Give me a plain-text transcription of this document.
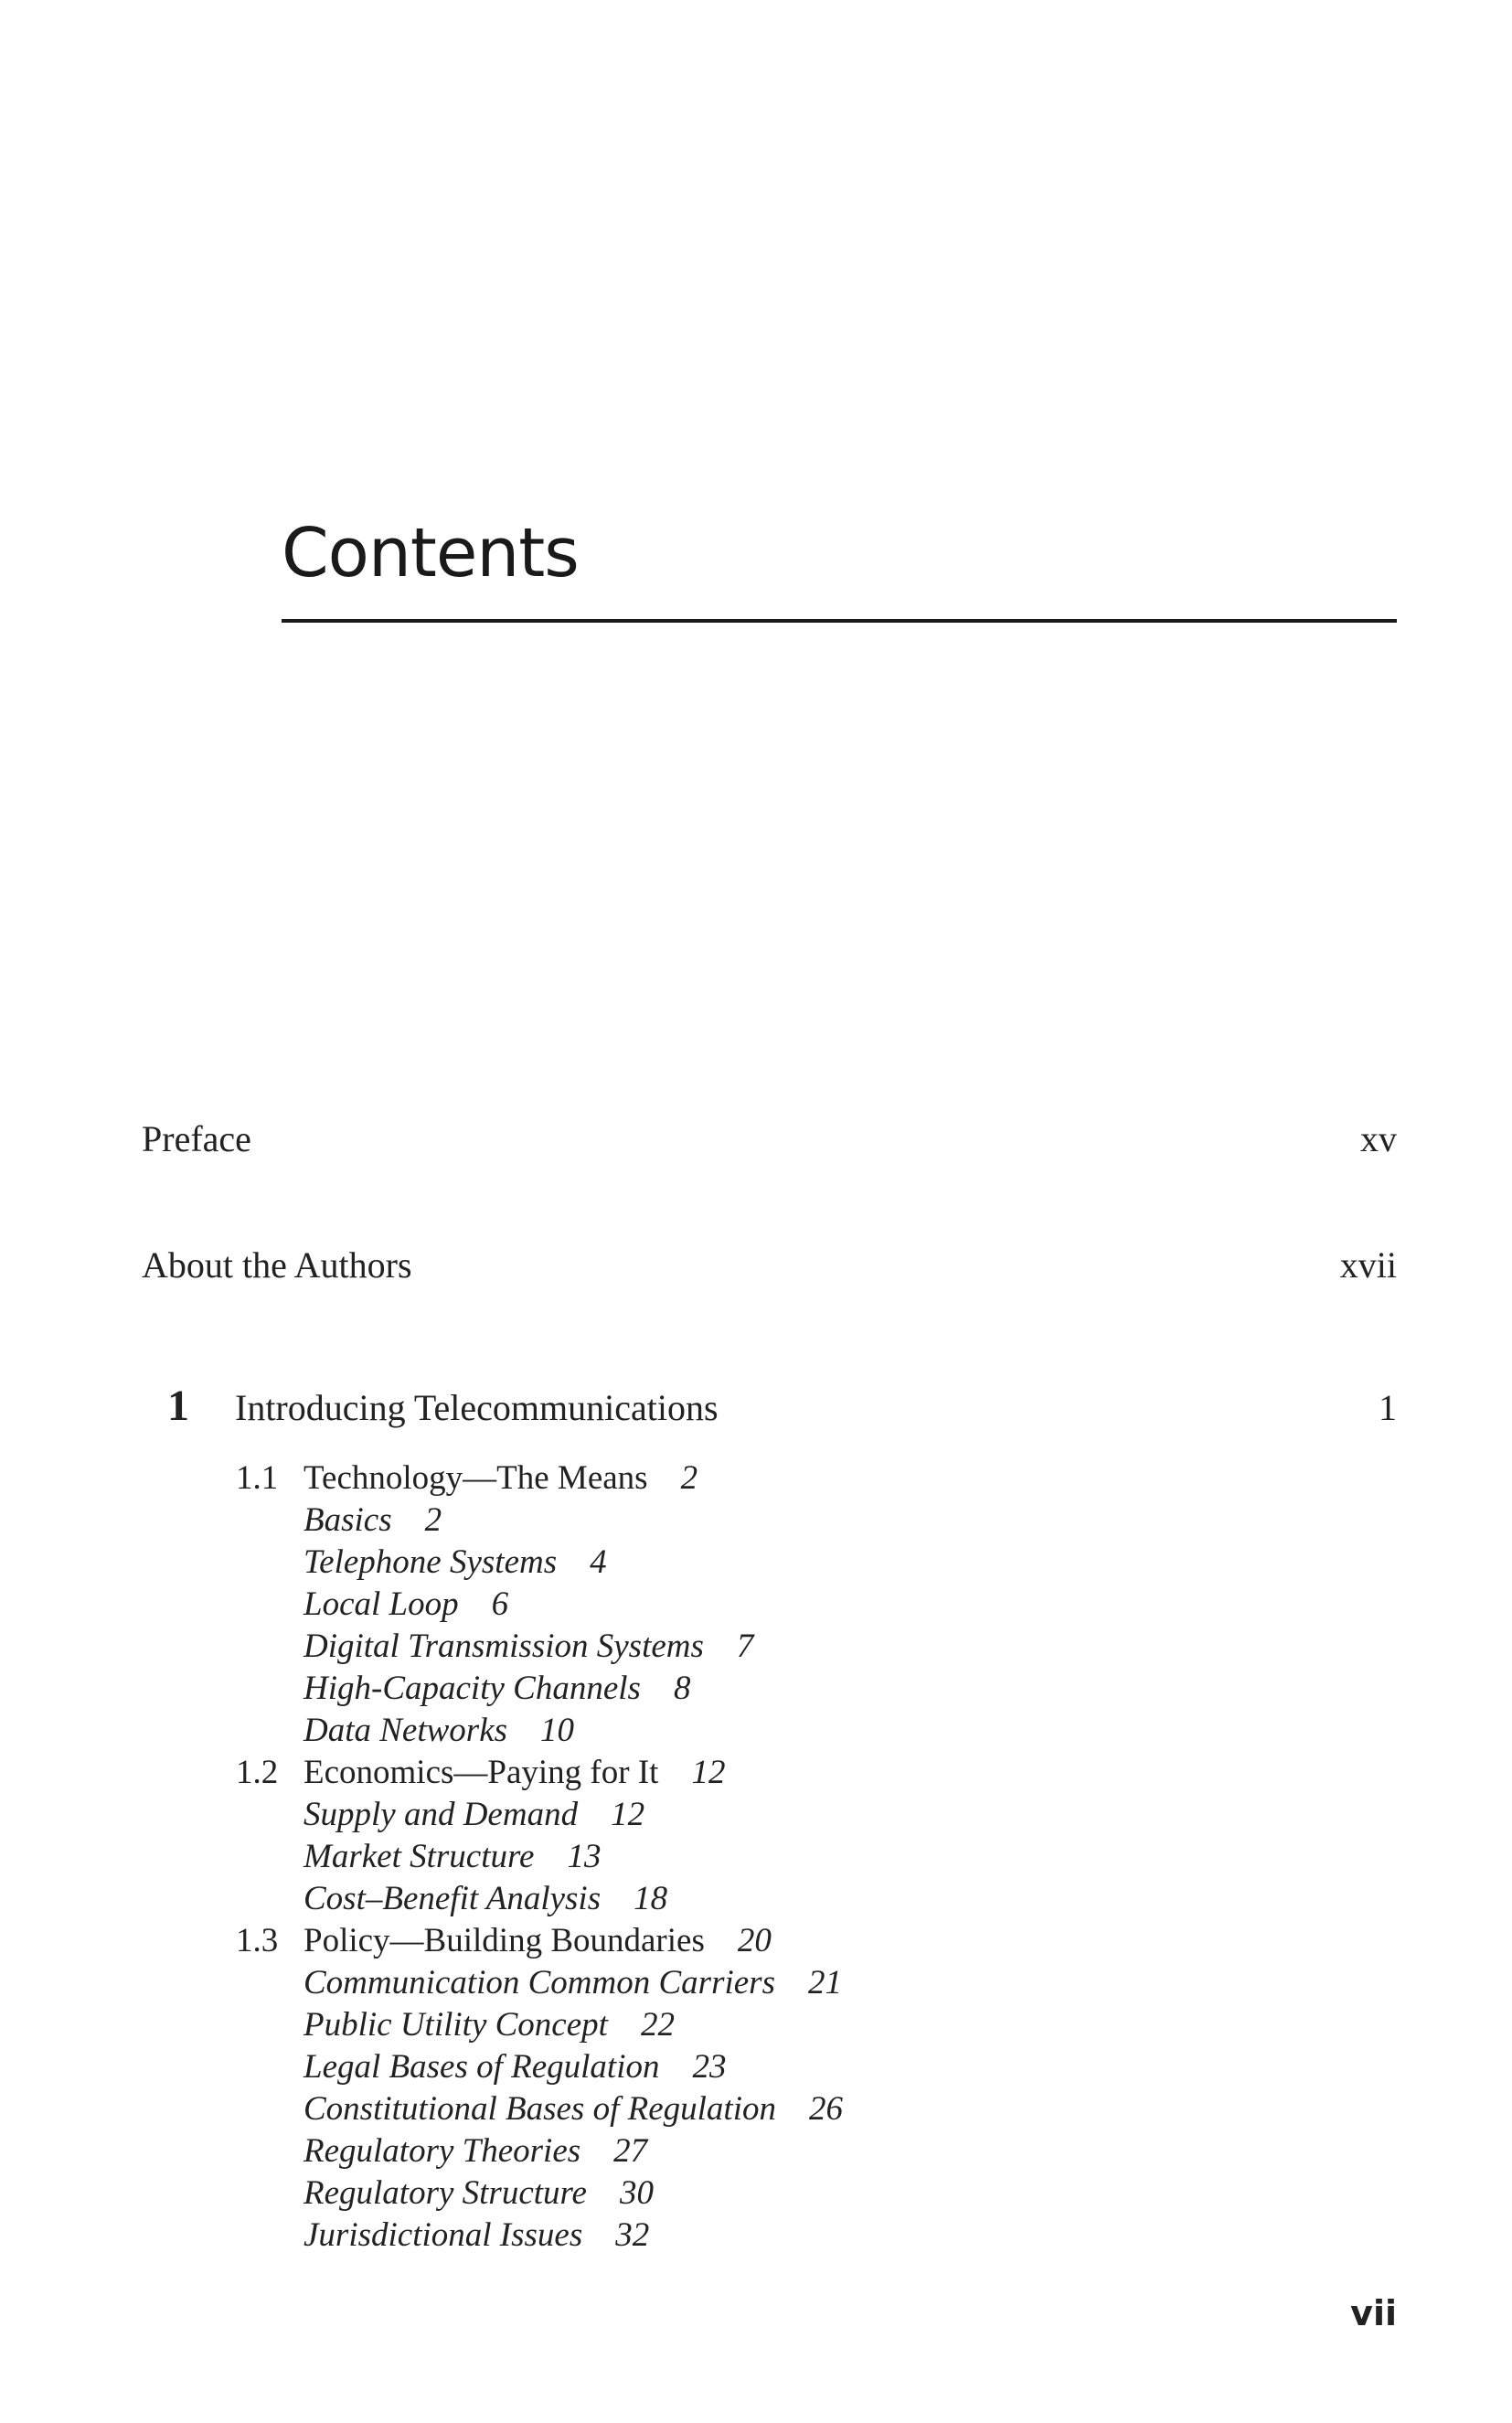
Contents
Preface	xv
About the Authors	xvii
1 Introducing Telecommunications	1
1.1 Technology—The Means 2
Basics 2
Telephone Systems 4
Local Loop 6
Digital Transmission Systems 7
High-Capacity Channels 8
Data Networks 10
1.2 Economics—Paying for It 12
Supply and Demand 12
Market Structure 13
Cost–Benefit Analysis 18
1.3 Policy—Building Boundaries 20
Communication Common Carriers 21
Public Utility Concept 22
Legal Bases of Regulation 23
Constitutional Bases of Regulation 26
Regulatory Theories 27
Regulatory Structure 30
Jurisdictional Issues 32
vii
